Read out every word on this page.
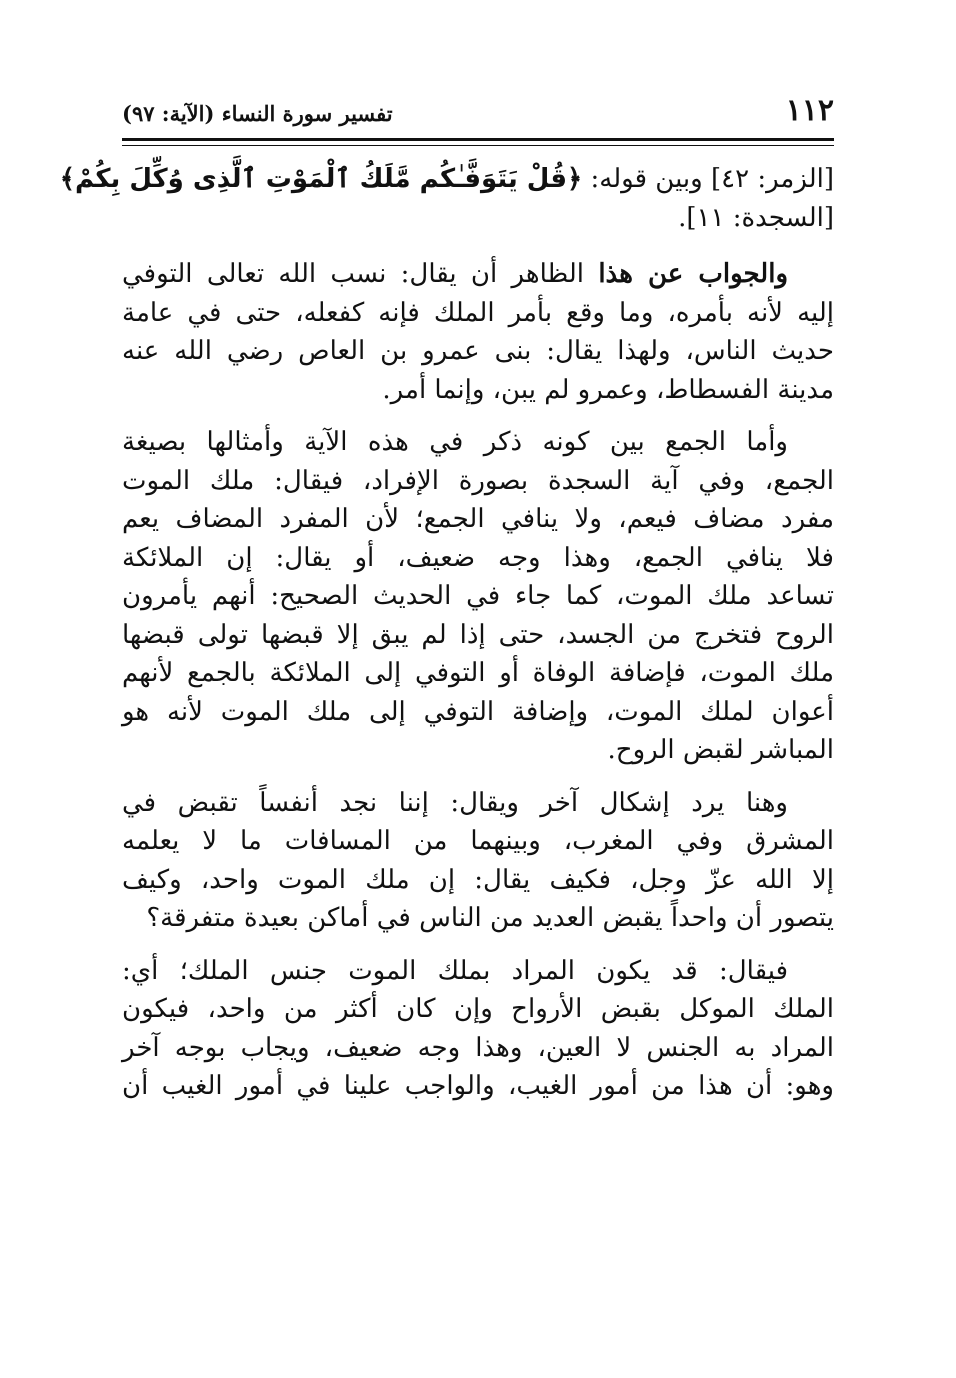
١١٢
تفسير سورة النساء (الآية: ٩٧)
[الزمر: ٤٢] وبين قوله: ﴿قُلْ يَتَوَفَّـٰكُم مَّلَكُ ٱلْمَوْتِ ٱلَّذِى وُكِّلَ بِكُمْ﴾
[السجدة: ١١].
والجواب عن هذا الظاهر أن يقال: نسب الله تعالى التوفي
إليه لأنه بأمره، وما وقع بأمر الملك فإنه كفعله، حتى في عامة
حديث الناس، ولهذا يقال: بنى عمرو بن العاص رضي الله عنه
مدينة الفسطاط، وعمرو لم يبن، وإنما أمر.
وأما الجمع بين كونه ذكر في هذه الآية وأمثالها بصيغة
الجمع، وفي آية السجدة بصورة الإفراد، فيقال: ملك الموت
مفرد مضاف فيعم، ولا ينافي الجمع؛ لأن المفرد المضاف يعم
فلا ينافي الجمع، وهذا وجه ضعيف، أو يقال: إن الملائكة
تساعد ملك الموت، كما جاء في الحديث الصحيح: أنهم يأمرون
الروح فتخرج من الجسد، حتى إذا لم يبق إلا قبضها تولى قبضها
ملك الموت، فإضافة الوفاة أو التوفي إلى الملائكة بالجمع لأنهم
أعوان لملك الموت، وإضافة التوفي إلى ملك الموت لأنه هو
المباشر لقبض الروح.
وهنا يرد إشكال آخر ويقال: إننا نجد أنفساً تقبض في
المشرق وفي المغرب، وبينهما من المسافات ما لا يعلمه
إلا الله عزّ وجل، فكيف يقال: إن ملك الموت واحد، وكيف
يتصور أن واحداً يقبض العديد من الناس في أماكن بعيدة متفرقة؟
فيقال: قد يكون المراد بملك الموت جنس الملك؛ أي:
الملك الموكل بقبض الأرواح وإن كان أكثر من واحد، فيكون
المراد به الجنس لا العين، وهذا وجه ضعيف، ويجاب بوجه آخر
وهو: أن هذا من أمور الغيب، والواجب علينا في أمور الغيب أن
